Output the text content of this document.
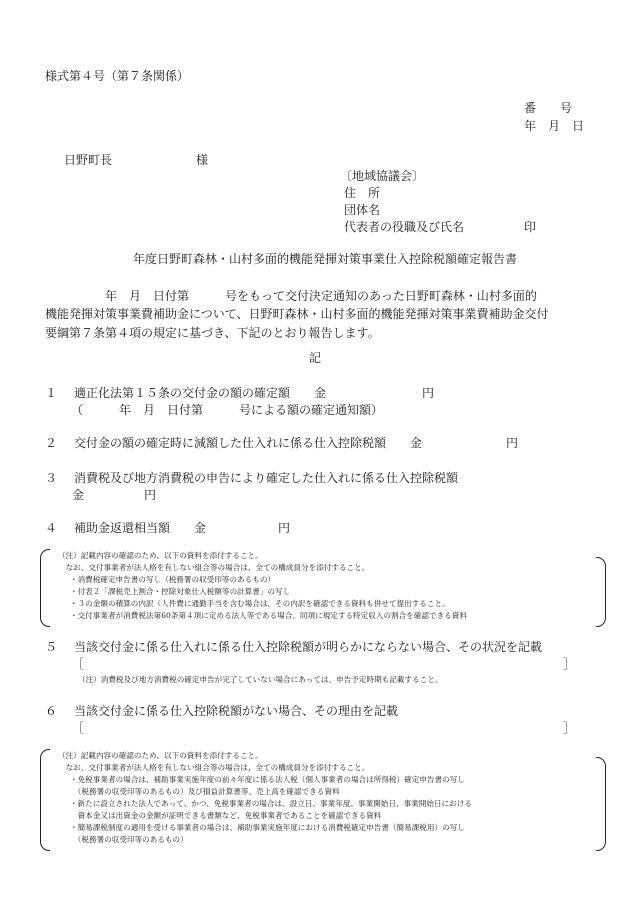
様式第４号（第７条関係）
番　　号
年　月　日
日野町長　　　　　　　様
〔地域協議会〕
住　所
団体名
代表者の役職及び氏名　　　　　印
年度日野町森林・山村多面的機能発揮対策事業仕入控除税額確定報告書
　　　　　年　月　日付第　　　号をもって交付決定通知のあった日野町森林・山村多面的
機能発揮対策事業費補助金について、日野町森林・山村多面的機能発揮対策事業費補助金交付
要綱第７条第４項の規定に基づき、下記のとおり報告します。
記
１ 適正化法第１５条の交付金の額の確定額　　金　　　　　　　　円
（　　　年　月　日付第　　　号による額の確定通知額）
２ 交付金の額の確定時に減額した仕入れに係る仕入控除税額　　金　　　　　　　円
３ 消費税及び地方消費税の申告により確定した仕入れに係る仕入控除税額
金　　　　　円
４ 補助金返還相当額　　金　　　　　　円
（注）記載内容の確認のため、以下の資料を添付すること。
　なお、交付事業者が法人格を有しない組合等の場合は、全ての構成員分を添付すること。
・消費税確定申告書の写し（税務署の収受印等のあるもの）
・付表２「課税売上割合・控除対象仕入税額等の計算書」の写し
・３の金額の積算の内訳（人件費に通勤手当を含む場合は、その内訳を確認できる資料も併せて提出すること。
・交付事業者が消費税法第60条第４項に定める法人等である場合、同項に規定する特定収入の割合を確認できる資料
５ 当該交付金に係る仕入れに係る仕入控除税額が明らかにならない場合、その状況を記載
［	］
（注）消費税及び地方消費税の確定申告が完了していない場合にあっては、申告予定時期も記載すること。
６ 当該交付金に係る仕入控除税額がない場合、その理由を記載
［	］
（注）記載内容の確認のため、以下の資料を添付すること。
　なお、交付事業者が法人格を有しない組合等の場合は、全ての構成員分を添付すること。
・免税事業者の場合は、補助事業実施年度の前々年度に係る法人税（個人事業者の場合は所得税）確定申告書の写し
　（税務署の収受印等のあるもの）及び損益計算書等、売上高を確認できる資料
・新たに設立された法人であって、かつ、免税事業者の場合は、設立日、事業年度、事業開始日、事業開始日における
　資本金又は出資金の金額が証明できる書類など、免税事業者であることを確認できる資料
・簡易課税制度の適用を受ける事業者の場合は、補助事業実施年度における消費税確定申告書（簡易課税用）の写し
　（税務署の収受印等のあるもの）
